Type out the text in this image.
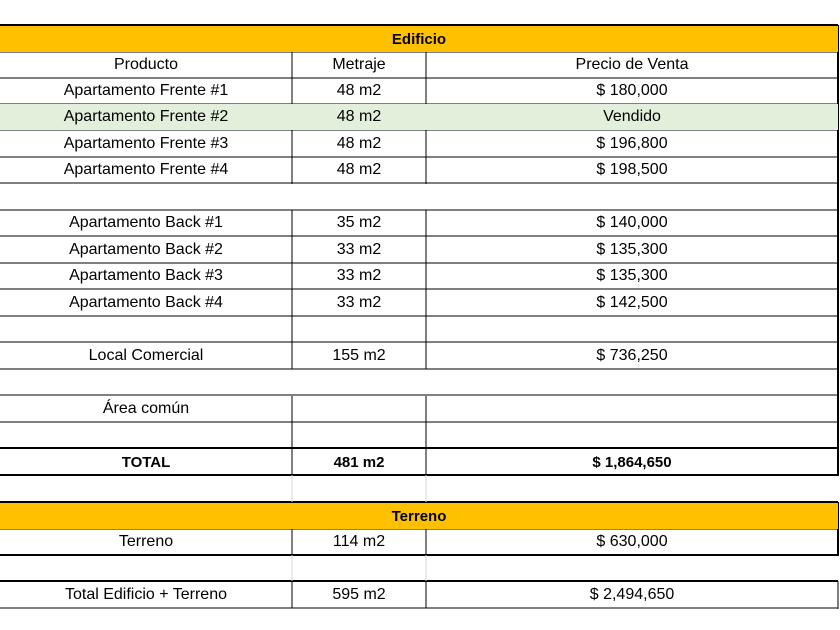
Edificio
Producto	Metraje	Precio de Venta
Apartamento Frente #1	48 m2	$ 180,000
Apartamento Frente #2	48 m2	Vendido
Apartamento Frente #3	48 m2	$ 196,800
Apartamento Frente #4	48 m2	$ 198,500
Apartamento Back #1	35 m2	$ 140,000
Apartamento Back #2	33 m2	$ 135,300
Apartamento Back #3	33 m2	$ 135,300
Apartamento Back #4	33 m2	$ 142,500
Local Comercial	155 m2	$ 736,250
Área común
TOTAL	481 m2	$ 1,864,650
Terreno
Terreno	114 m2	$ 630,000
Total Edificio + Terreno	595 m2	$ 2,494,650
